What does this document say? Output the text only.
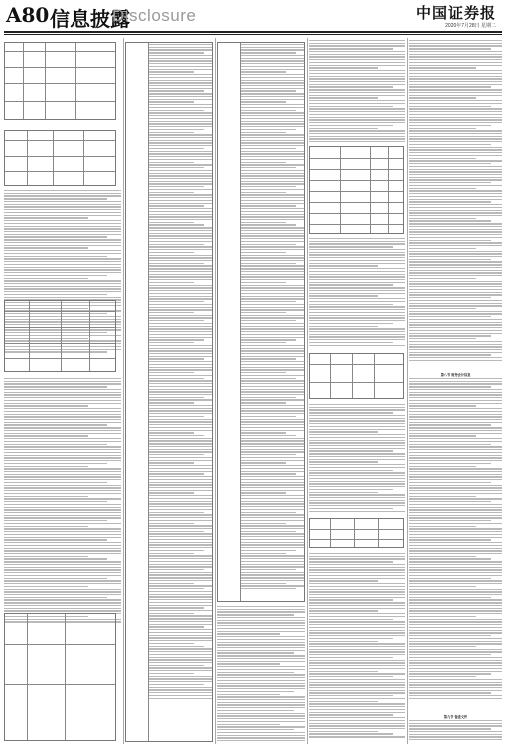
A80 信息披露
Disclosure	中国证券报
2020年7月28日 星期二
第八节 财务会计信息
第九节 备查文件
